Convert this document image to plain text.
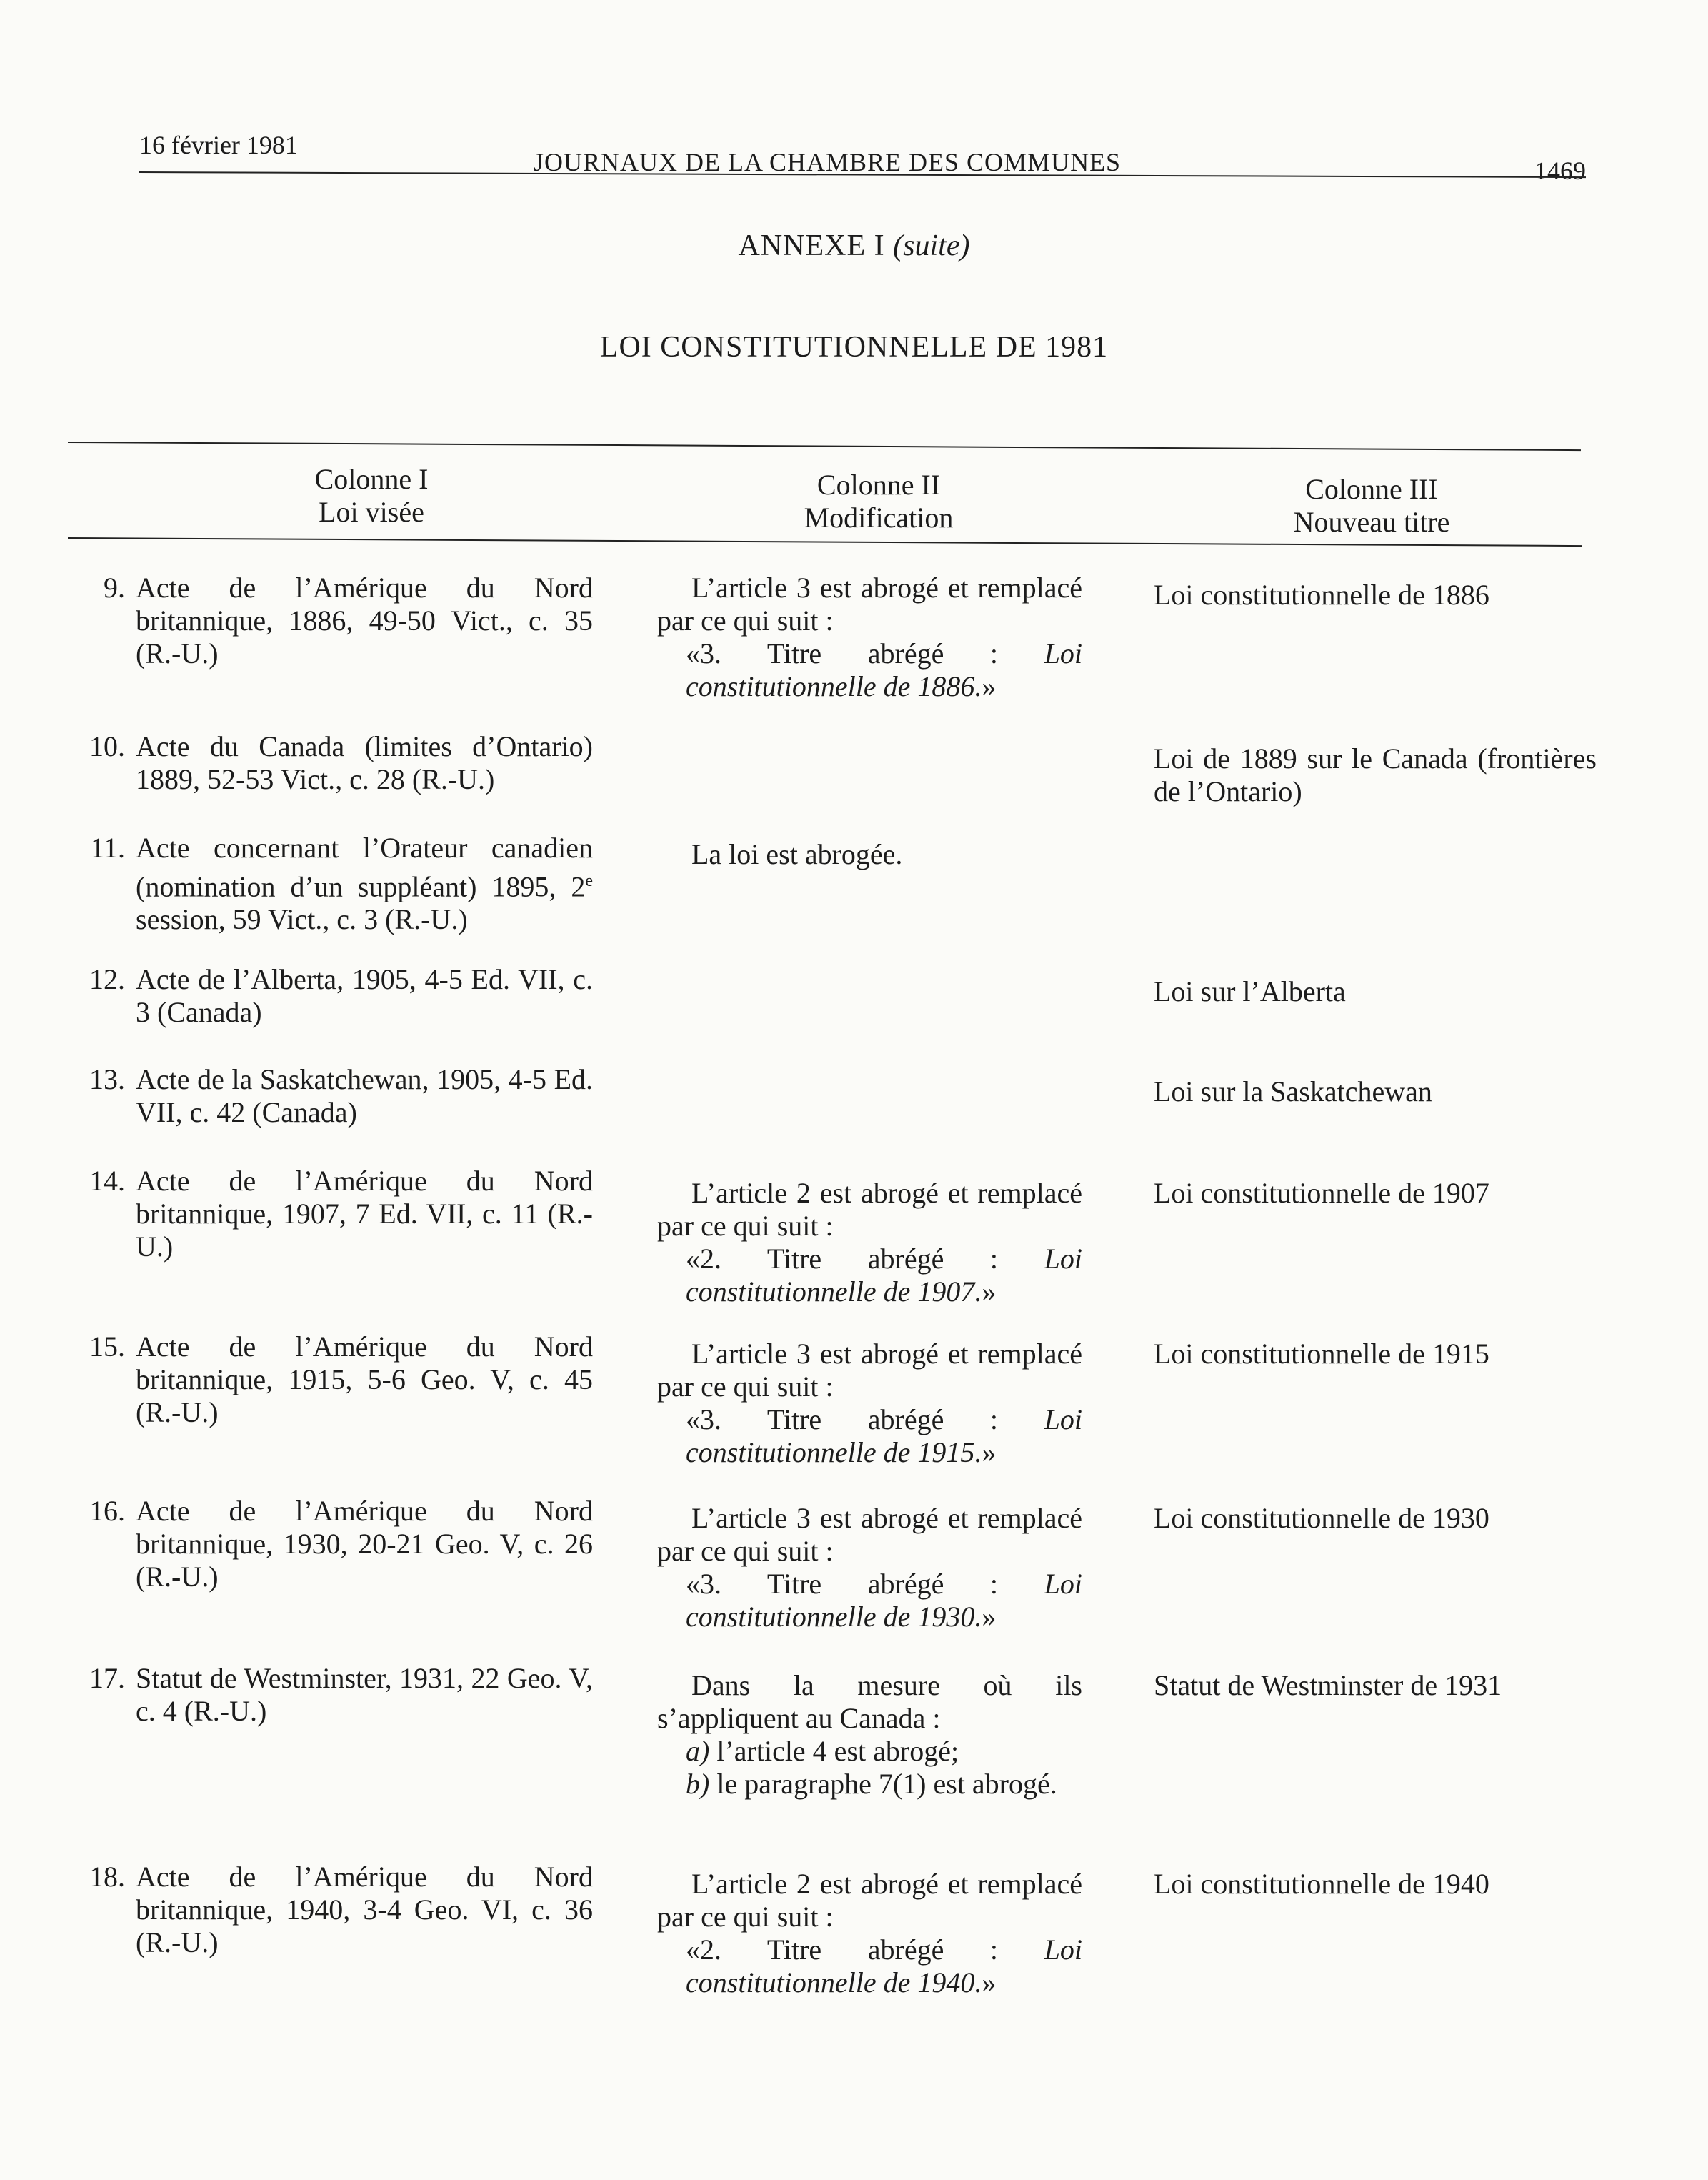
16 février 1981
JOURNAUX DE LA CHAMBRE DES COMMUNES	1469
ANNEXE I (suite)
LOI CONSTITUTIONNELLE DE 1981
Colonne I
Loi visée
Colonne II
Modification
Colonne III
Nouveau titre
9. Acte de l’Amérique du Nord britannique, 1886, 49-50 Vict., c. 35 (R.-U.)
L’article 3 est abrogé et remplacé par ce qui suit :
«3. Titre abrégé : Loi constitutionnelle de 1886.»
Loi constitutionnelle de 1886
10. Acte du Canada (limites d’Ontario) 1889, 52-53 Vict., c. 28 (R.-U.)
Loi de 1889 sur le Canada (frontières de l’Ontario)
11. Acte concernant l’Orateur canadien (nomination d’un suppléant) 1895, 2e session, 59 Vict., c. 3 (R.-U.)
La loi est abrogée.
12. Acte de l’Alberta, 1905, 4-5 Ed. VII, c. 3 (Canada)
Loi sur l’Alberta
13. Acte de la Saskatchewan, 1905, 4-5 Ed. VII, c. 42 (Canada)
Loi sur la Saskatchewan
14. Acte de l’Amérique du Nord britannique, 1907, 7 Ed. VII, c. 11 (R.-U.)
L’article 2 est abrogé et remplacé par ce qui suit :
«2. Titre abrégé : Loi constitutionnelle de 1907.»
Loi constitutionnelle de 1907
15. Acte de l’Amérique du Nord britannique, 1915, 5-6 Geo. V, c. 45 (R.-U.)
L’article 3 est abrogé et remplacé par ce qui suit :
«3. Titre abrégé : Loi constitutionnelle de 1915.»
Loi constitutionnelle de 1915
16. Acte de l’Amérique du Nord britannique, 1930, 20-21 Geo. V, c. 26 (R.-U.)
L’article 3 est abrogé et remplacé par ce qui suit :
«3. Titre abrégé : Loi constitutionnelle de 1930.»
Loi constitutionnelle de 1930
17. Statut de Westminster, 1931, 22 Geo. V, c. 4 (R.-U.)
Dans la mesure où ils s’appliquent au Canada :
a) l’article 4 est abrogé;
b) le paragraphe 7(1) est abrogé.
Statut de Westminster de 1931
18. Acte de l’Amérique du Nord britannique, 1940, 3-4 Geo. VI, c. 36 (R.-U.)
L’article 2 est abrogé et remplacé par ce qui suit :
«2. Titre abrégé : Loi constitutionnelle de 1940.»
Loi constitutionnelle de 1940
